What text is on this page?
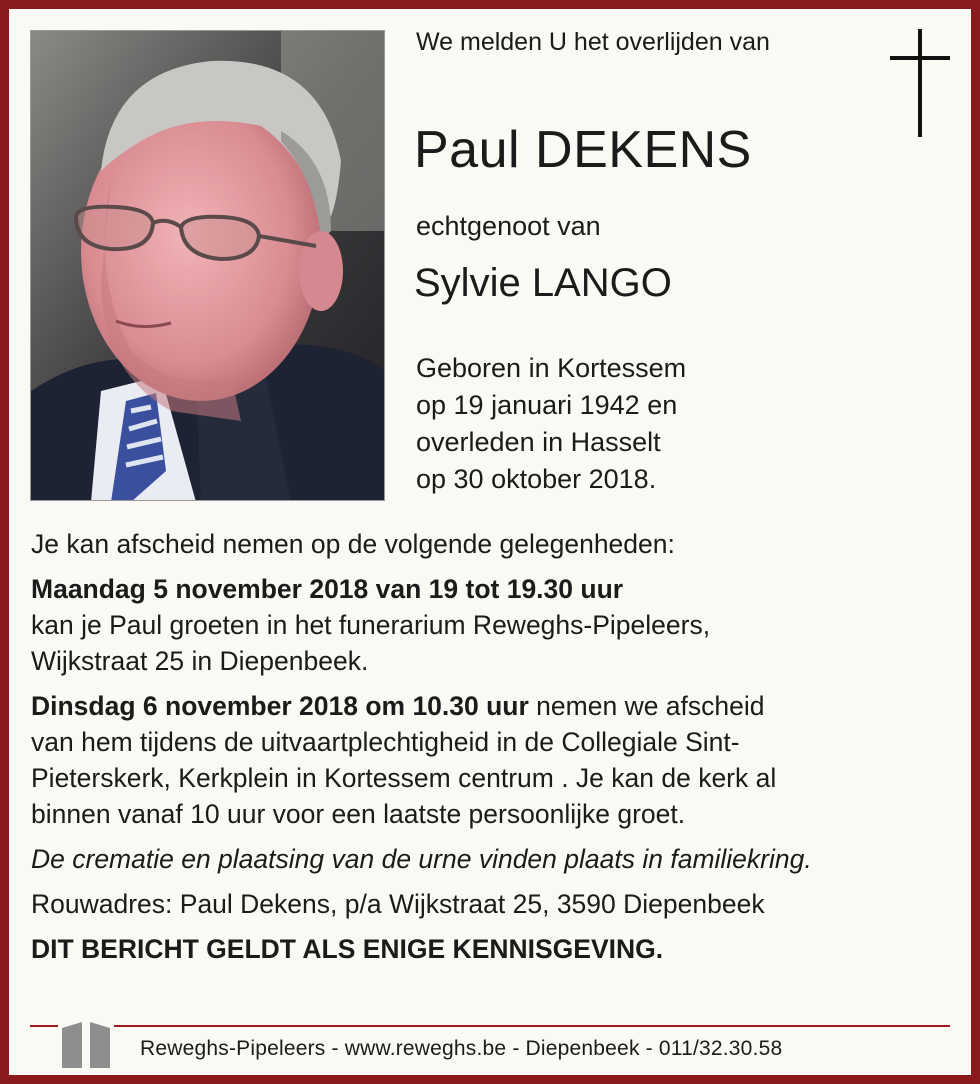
We melden U het overlijden van
Paul DEKENS
echtgenoot van
Sylvie LANGO
Geboren in Kortessem
op 19 januari 1942 en
overleden in Hasselt
op 30 oktober 2018.

Je kan afscheid nemen op de volgende gelegenheden:

Maandag 5 november 2018 van 19 tot 19.30 uur

kan je Paul groeten in het funerarium Reweghs-Pipeleers,

Wijkstraat 25 in Diepenbeek.

Dinsdag 6 november 2018 om 10.30 uur nemen we afscheid

van hem tijdens de uitvaartplechtigheid in de Collegiale Sint-

Pieterskerk, Kerkplein in Kortessem centrum . Je kan de kerk al

binnen vanaf 10 uur voor een laatste persoonlijke groet.

De crematie en plaatsing van de urne vinden plaats in familiekring.

Rouwadres: Paul Dekens, p/a Wijkstraat 25, 3590 Diepenbeek

DIT BERICHT GELDT ALS ENIGE KENNISGEVING.

Reweghs-Pipeleers - www.reweghs.be - Diepenbeek - 011/32.30.58
